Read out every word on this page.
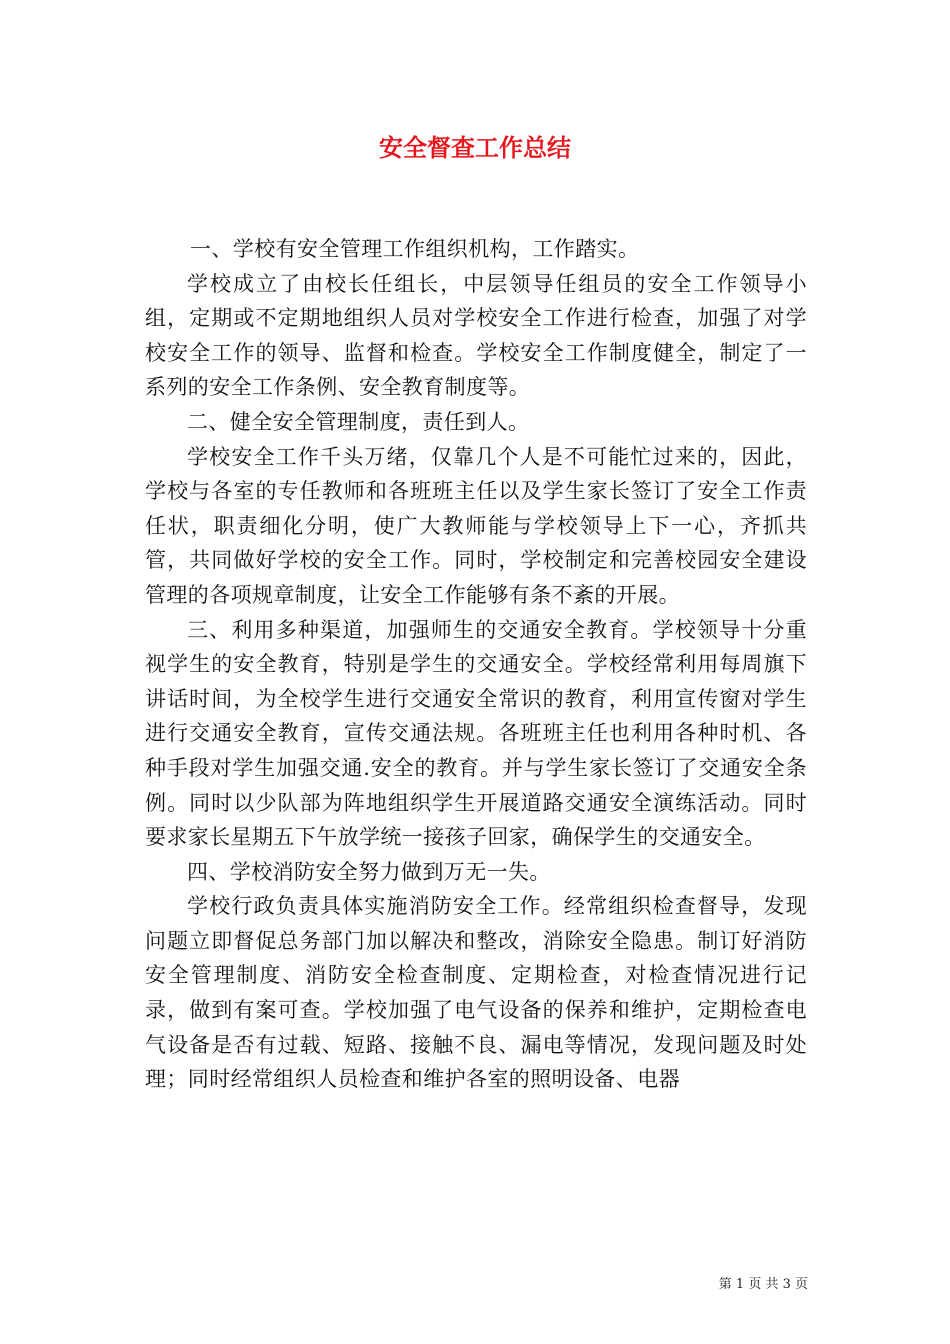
安全督查工作总结

一、学校有安全管理工作组织机构，工作踏实。

学校成立了由校长任组长，中层领导任组员的安全工作领导小组，定期或不定期地组织人员对学校安全工作进行检查，加强了对学校安全工作的领导、监督和检查。学校安全工作制度健全，制定了一系列的安全工作条例、安全教育制度等。

二、健全安全管理制度，责任到人。

学校安全工作千头万绪，仅靠几个人是不可能忙过来的，因此，学校与各室的专任教师和各班班主任以及学生家长签订了安全工作责任状，职责细化分明，使广大教师能与学校领导上下一心，齐抓共管，共同做好学校的安全工作。同时，学校制定和完善校园安全建设管理的各项规章制度，让安全工作能够有条不紊的开展。

三、利用多种渠道，加强师生的交通安全教育。学校领导十分重视学生的安全教育，特别是学生的交通安全。学校经常利用每周旗下讲话时间，为全校学生进行交通安全常识的教育，利用宣传窗对学生进行交通安全教育，宣传交通法规。各班班主任也利用各种时机、各种手段对学生加强交通.安全的教育。并与学生家长签订了交通安全条例。同时以少队部为阵地组织学生开展道路交通安全演练活动。同时要求家长星期五下午放学统一接孩子回家，确保学生的交通安全。

四、学校消防安全努力做到万无一失。

学校行政负责具体实施消防安全工作。经常组织检查督导，发现问题立即督促总务部门加以解决和整改，消除安全隐患。制订好消防安全管理制度、消防安全检查制度、定期检查，对检查情况进行记录，做到有案可查。学校加强了电气设备的保养和维护，定期检查电气设备是否有过载、短路、接触不良、漏电等情况，发现问题及时处理；同时经常组织人员检查和维护各室的照明设备、电器

第 1 页 共 3 页
